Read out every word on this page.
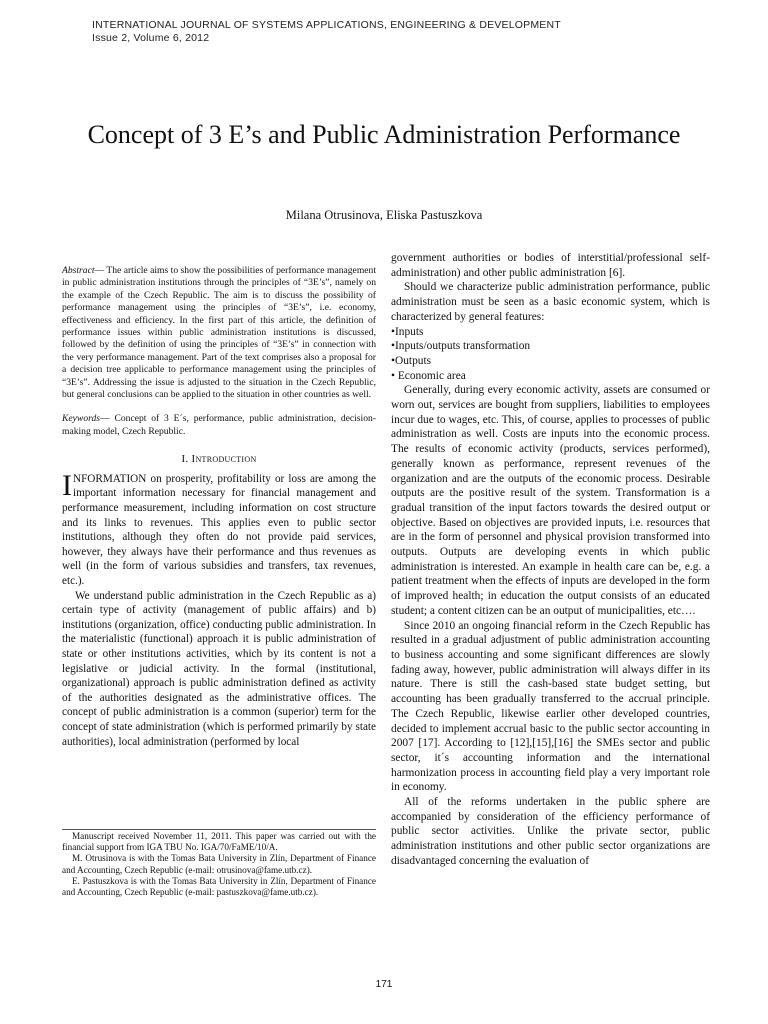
INTERNATIONAL JOURNAL OF SYSTEMS APPLICATIONS, ENGINEERING & DEVELOPMENT
Issue 2, Volume 6, 2012
Concept of 3 E’s and Public Administration Performance
Milana Otrusinova, Eliska Pastuszkova

Abstract— The article aims to show the possibilities of performance management in public administration institutions through the principles of “3E’s”, namely on the example of the Czech Republic. The aim is to discuss the possibility of performance management using the principles of “3E’s”, i.e. economy, effectiveness and efficiency. In the first part of this article, the definition of performance issues within public administration institutions is discussed, followed by the definition of using the principles of “3E’s” in connection with the very performance management. Part of the text comprises also a proposal for a decision tree applicable to performance management using the principles of “3E’s”. Addressing the issue is adjusted to the situation in the Czech Republic, but general conclusions can be applied to the situation in other countries as well.

Keywords— Concept of 3 E´s, performance, public administration, decision-making model, Czech Republic.

I. Introduction

INFORMATION on prosperity, profitability or loss are among the important information necessary for financial management and performance measurement, including information on cost structure and its links to revenues. This applies even to public sector institutions, although they often do not provide paid services, however, they always have their performance and thus revenues as well (in the form of various subsidies and transfers, tax revenues, etc.).

We understand public administration in the Czech Republic as a) certain type of activity (management of public affairs) and b) institutions (organization, office) conducting public administration. In the materialistic (functional) approach it is public administration of state or other institutions activities, which by its content is not a legislative or judicial activity. In the formal (institutional, organizational) approach is public administration defined as activity of the authorities designated as the administrative offices. The concept of public administration is a common (superior) term for the concept of state administration (which is performed primarily by state authorities), local administration (performed by local

Manuscript received November 11, 2011. This paper was carried out with the financial support from IGA TBU No. IGA/70/FaME/10/A.

M. Otrusinova is with the Tomas Bata University in Zlín, Department of Finance and Accounting, Czech Republic (e-mail: otrusinova@fame.utb.cz).

E. Pastuszkova is with the Tomas Bata University in Zlín, Department of Finance and Accounting, Czech Republic (e-mail: pastuszkova@fame.utb.cz).

government authorities or bodies of interstitial/professional self-administration) and other public administration [6].

Should we characterize public administration performance, public administration must be seen as a basic economic system, which is characterized by general features:

•Inputs

•Inputs/outputs transformation

•Outputs

• Economic area

Generally, during every economic activity, assets are consumed or worn out, services are bought from suppliers, liabilities to employees incur due to wages, etc. This, of course, applies to processes of public administration as well. Costs are inputs into the economic process. The results of economic activity (products, services performed), generally known as performance, represent revenues of the organization and are the outputs of the economic process. Desirable outputs are the positive result of the system. Transformation is a gradual transition of the input factors towards the desired output or objective. Based on objectives are provided inputs, i.e. resources that are in the form of personnel and physical provision transformed into outputs. Outputs are developing events in which public administration is interested. An example in health care can be, e.g. a patient treatment when the effects of inputs are developed in the form of improved health; in education the output consists of an educated student; a content citizen can be an output of municipalities, etc….

Since 2010 an ongoing financial reform in the Czech Republic has resulted in a gradual adjustment of public administration accounting to business accounting and some significant differences are slowly fading away, however, public administration will always differ in its nature. There is still the cash-based state budget setting, but accounting has been gradually transferred to the accrual principle. The Czech Republic, likewise earlier other developed countries, decided to implement accrual basic to the public sector accounting in 2007 [17]. According to [12],[15],[16] the SMEs sector and public sector, it´s accounting information and the international harmonization process in accounting field play a very important role in economy.

All of the reforms undertaken in the public sphere are accompanied by consideration of the efficiency performance of public sector activities. Unlike the private sector, public administration institutions and other public sector organizations are disadvantaged concerning the evaluation of

171
